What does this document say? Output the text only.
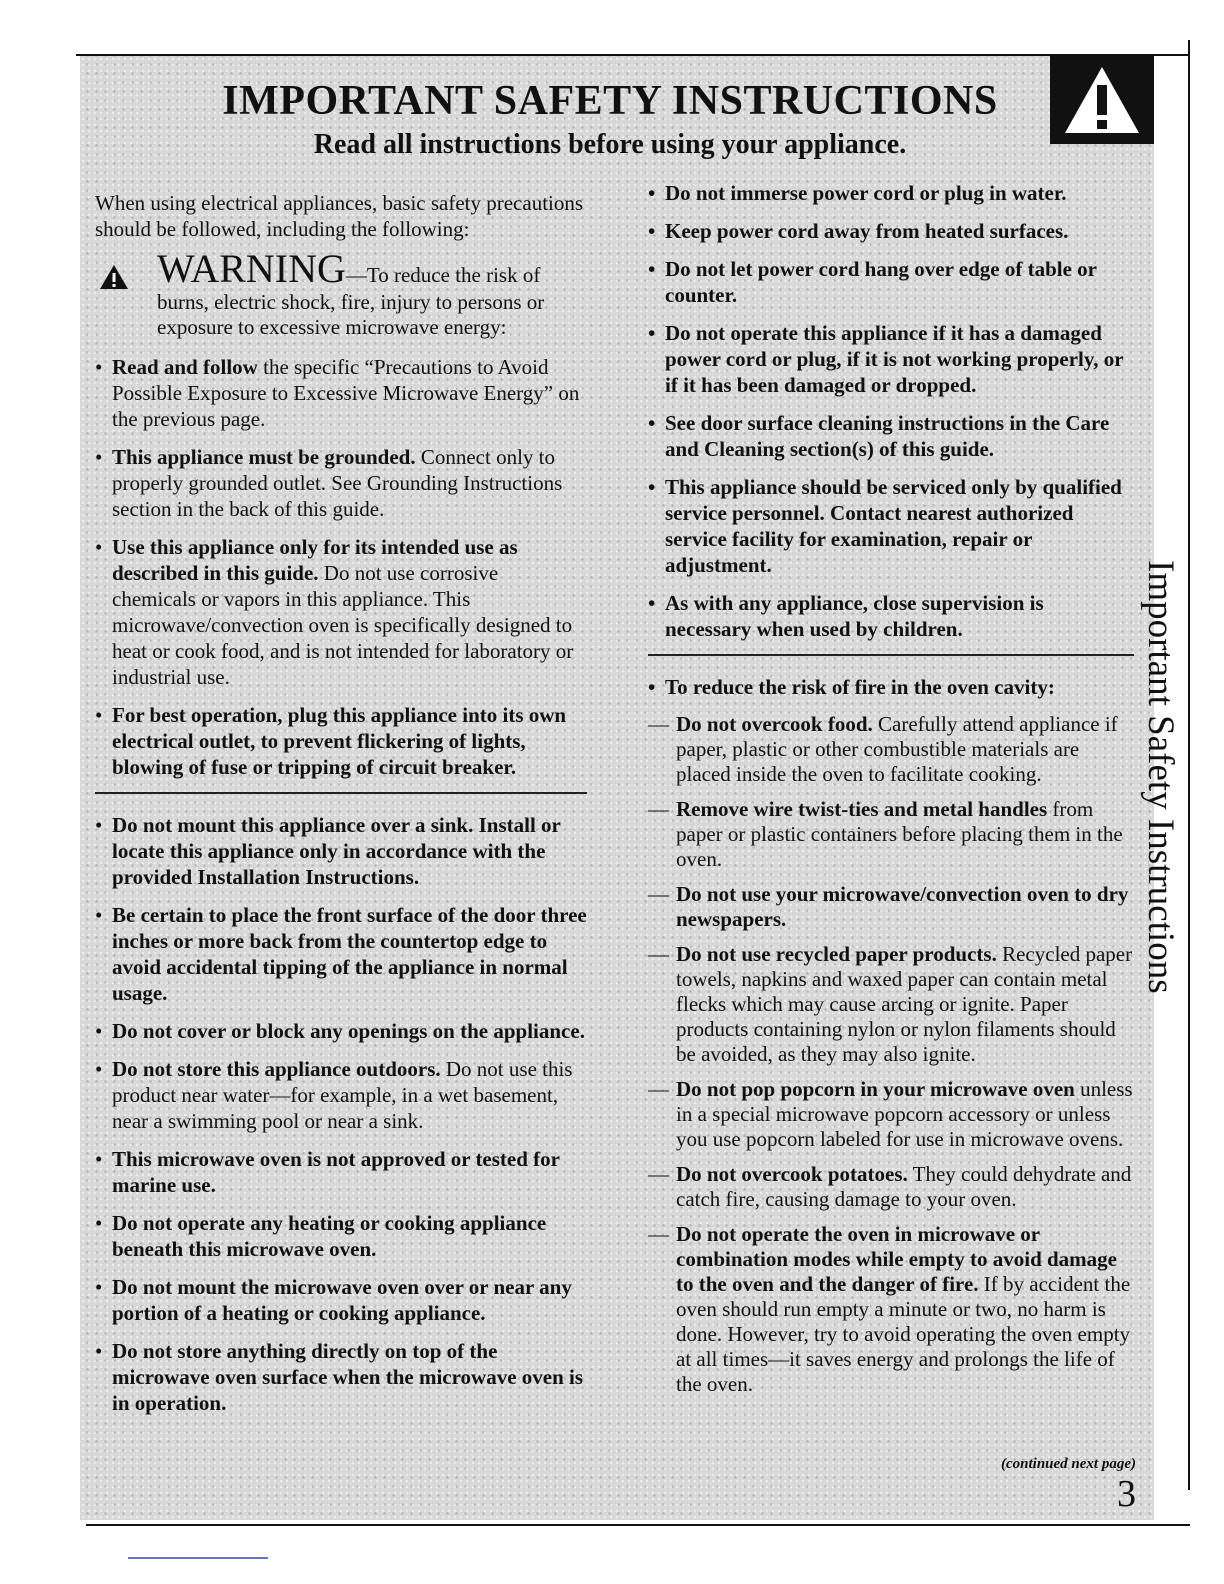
IMPORTANT SAFETY INSTRUCTIONS
Read all instructions before using your appliance.

When using electrical appliances, basic safety precautions should be followed, including the following:

WARNING—To reduce the risk of burns, electric shock, fire, injury to persons or exposure to excessive microwave energy:

• Read and follow the specific “Precautions to Avoid Possible Exposure to Excessive Microwave Energy” on the previous page.

• This appliance must be grounded. Connect only to properly grounded outlet. See Grounding Instructions section in the back of this guide.

• Use this appliance only for its intended use as described in this guide. Do not use corrosive chemicals or vapors in this appliance. This microwave/convection oven is specifically designed to heat or cook food, and is not intended for laboratory or industrial use.

• For best operation, plug this appliance into its own electrical outlet, to prevent flickering of lights, blowing of fuse or tripping of circuit breaker.

• Do not mount this appliance over a sink. Install or locate this appliance only in accordance with the provided Installation Instructions.

• Be certain to place the front surface of the door three inches or more back from the countertop edge to avoid accidental tipping of the appliance in normal usage.

• Do not cover or block any openings on the appliance.

• Do not store this appliance outdoors. Do not use this product near water—for example, in a wet basement, near a swimming pool or near a sink.

• This microwave oven is not approved or tested for marine use.

• Do not operate any heating or cooking appliance beneath this microwave oven.

• Do not mount the microwave oven over or near any portion of a heating or cooking appliance.

• Do not store anything directly on top of the microwave oven surface when the microwave oven is in operation.

• Do not immerse power cord or plug in water.

• Keep power cord away from heated surfaces.

• Do not let power cord hang over edge of table or counter.

• Do not operate this appliance if it has a damaged power cord or plug, if it is not working properly, or if it has been damaged or dropped.

• See door surface cleaning instructions in the Care and Cleaning section(s) of this guide.

• This appliance should be serviced only by qualified service personnel. Contact nearest authorized service facility for examination, repair or adjustment.

• As with any appliance, close supervision is necessary when used by children.

• To reduce the risk of fire in the oven cavity:

— Do not overcook food. Carefully attend appliance if paper, plastic or other combustible materials are placed inside the oven to facilitate cooking.

— Remove wire twist-ties and metal handles from paper or plastic containers before placing them in the oven.

— Do not use your microwave/convection oven to dry newspapers.

— Do not use recycled paper products. Recycled paper towels, napkins and waxed paper can contain metal flecks which may cause arcing or ignite. Paper products containing nylon or nylon filaments should be avoided, as they may also ignite.

— Do not pop popcorn in your microwave oven unless in a special microwave popcorn accessory or unless you use popcorn labeled for use in microwave ovens.

— Do not overcook potatoes. They could dehydrate and catch fire, causing damage to your oven.

— Do not operate the oven in microwave or combination modes while empty to avoid damage to the oven and the danger of fire. If by accident the oven should run empty a minute or two, no harm is done. However, try to avoid operating the oven empty at all times—it saves energy and prolongs the life of the oven.

(continued next page)
3
Important Safety Instructions
